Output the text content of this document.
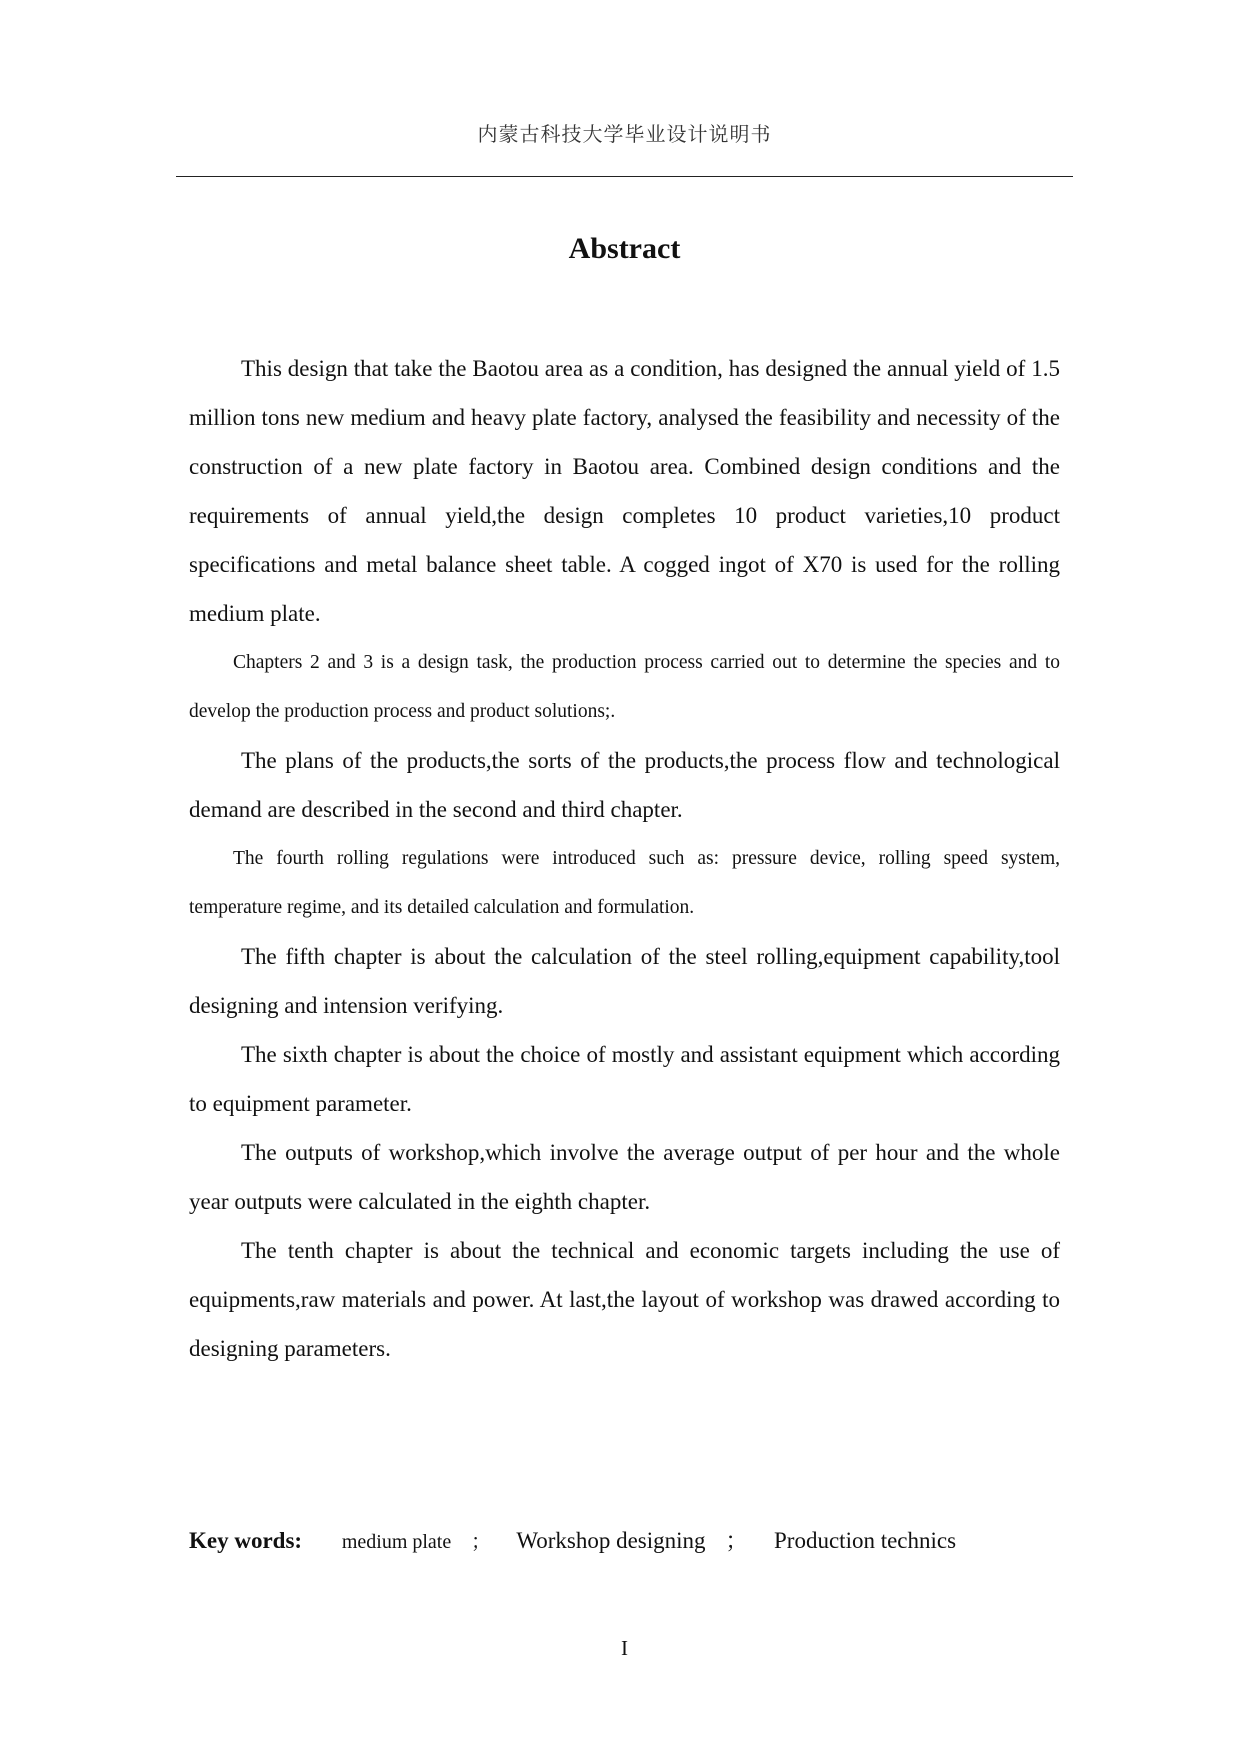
内蒙古科技大学毕业设计说明书
Abstract

This design that take the Baotou area as a condition, has designed the annual yield of 1.5 million tons new medium and heavy plate factory, analysed the feasibility and necessity of the construction of a new plate factory in Baotou area. Combined design conditions and the requirements of annual yield,the design completes 10 product varieties,10 product specifications and metal balance sheet table. A cogged ingot of X70 is used for the rolling medium plate.

Chapters 2 and 3 is a design task, the production process carried out to determine the species and to develop the production process and product solutions;.

The plans of the products,the sorts of the products,the process flow and technological demand are described in the second and third chapter.

The fourth rolling regulations were introduced such as: pressure device, rolling speed system, temperature regime, and its detailed calculation and formulation.

The fifth chapter is about the calculation of the steel rolling,equipment capability,tool designing and intension verifying.

The sixth chapter is about the choice of mostly and assistant equipment which according to equipment parameter.

The outputs of workshop,which involve the average output of per hour and the whole year outputs were calculated in the eighth chapter.

The tenth chapter is about the technical and economic targets including the use of equipments,raw materials and power. At last,the layout of workshop was drawed according to designing parameters.

Key words: medium plate ； Workshop designing ； Production technics
I
